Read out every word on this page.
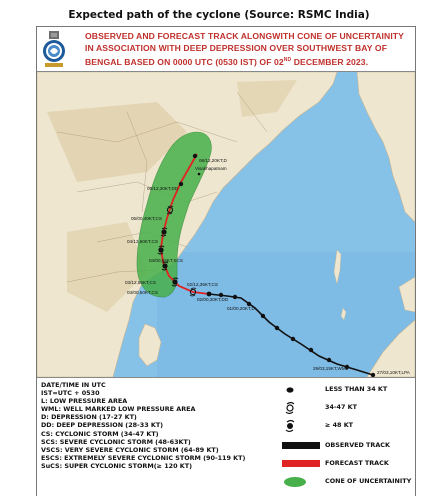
Expected path of the cyclone (Source: RSMC India)
OBSERVED AND FORECAST TRACK ALONGWITH CONE OF UNCERTAINITY IN ASSOCIATION WITH DEEP DEPRESSION OVER SOUTHWEST BAY OF BENGAL BASED ON 0000 UTC (0530 IST) OF 02ND DECEMBER 2023.
Visakhapatnam
27/03,10KT,LPA
29/03,15KT,WML
01/00,20KT,D
02/00,30KT,DD
02/12,35KT,CS
03/00,50KT,CS
03/12,55KT,CS
04/00,55KT,SCS
04/12,60KT,CS
05/00,40KT,CS
05/12,30KT,DD
06/12,20KT,D
DATE/TIME IN UTC
IST=UTC + 0530
L: LOW PRESSURE AREA
WML: WELL MARKED LOW PRESSURE AREA
D: DEPRESSION (17-27 KT)
DD: DEEP DEPRESSION (28-33 KT)
CS: CYCLONIC STORM (34-47 KT)
SCS: SEVERE CYCLONIC STORM (48-63KT)
VSCS: VERY SEVERE CYCLONIC STORM (64-89 KT)
ESCS: EXTREMELY SEVERE CYCLONIC STORM (90-119 KT)
SuCS: SUPER CYCLONIC STORM(≥ 120 KT)
LESS THAN 34 KT
34-47 KT
≥ 48 KT
OBSERVED TRACK
FORECAST TRACK
CONE OF UNCERTAINITY
